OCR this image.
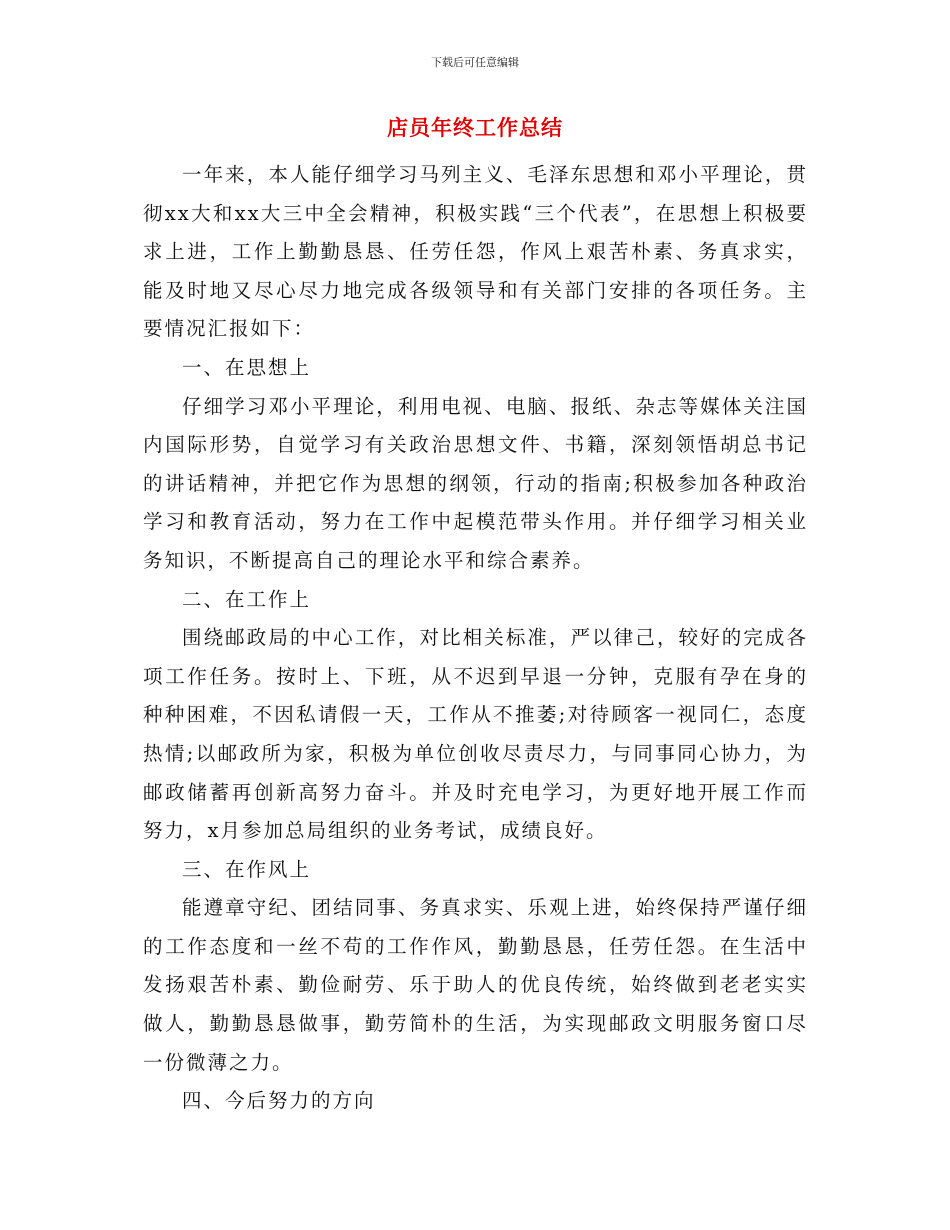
下载后可任意编辑
店员年终工作总结

一年来，本人能仔细学习马列主义、毛泽东思想和邓小平理论，贯彻xx大和xx大三中全会精神，积极实践“三个代表”，在思想上积极要求上进，工作上勤勤恳恳、任劳任怨，作风上艰苦朴素、务真求实，能及时地又尽心尽力地完成各级领导和有关部门安排的各项任务。主要情况汇报如下：

一、在思想上

仔细学习邓小平理论，利用电视、电脑、报纸、杂志等媒体关注国内国际形势，自觉学习有关政治思想文件、书籍，深刻领悟胡总书记的讲话精神，并把它作为思想的纲领，行动的指南;积极参加各种政治学习和教育活动，努力在工作中起模范带头作用。并仔细学习相关业务知识，不断提高自己的理论水平和综合素养。

二、在工作上

围绕邮政局的中心工作，对比相关标准，严以律己，较好的完成各项工作任务。按时上、下班，从不迟到早退一分钟，克服有孕在身的种种困难，不因私请假一天，工作从不推萎;对待顾客一视同仁，态度热情;以邮政所为家，积极为单位创收尽责尽力，与同事同心协力，为邮政储蓄再创新高努力奋斗。并及时充电学习，为更好地开展工作而努力，x月参加总局组织的业务考试，成绩良好。

三、在作风上

能遵章守纪、团结同事、务真求实、乐观上进，始终保持严谨仔细的工作态度和一丝不苟的工作作风，勤勤恳恳，任劳任怨。在生活中发扬艰苦朴素、勤俭耐劳、乐于助人的优良传统，始终做到老老实实做人，勤勤恳恳做事，勤劳简朴的生活，为实现邮政文明服务窗口尽一份微薄之力。

四、今后努力的方向
